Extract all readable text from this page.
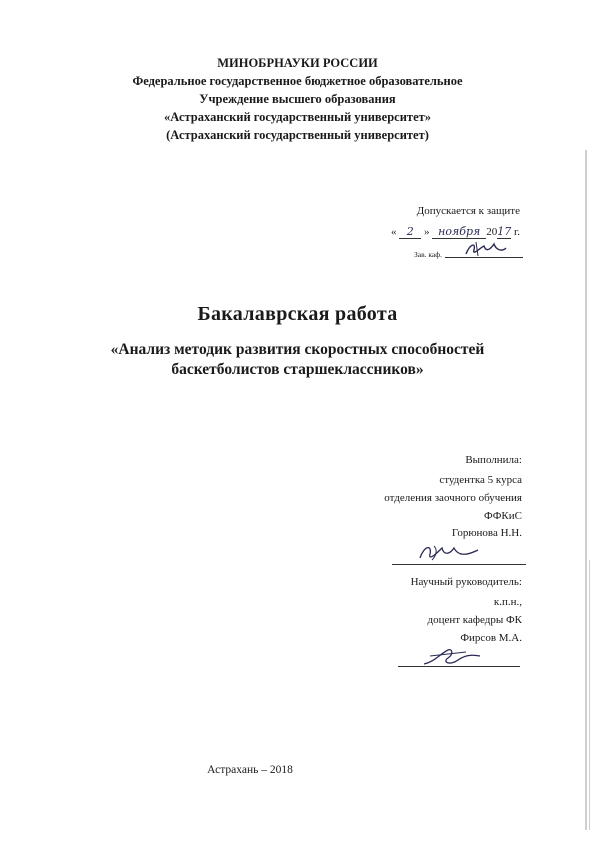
МИНОБРНАУКИ РОССИИ
Федеральное государственное бюджетное образовательное
Учреждение высшего образования
«Астраханский государственный университет»
(Астраханский государственный университет)
Допускается к защите
« 2 » ноября 2017 г.
Зав. каф.
Бакалаврская работа
«Анализ методик развития скоростных способностей
баскетболистов старшеклассников»
Выполнила:
студентка 5 курса
отделения заочного обучения
ФФКиС
Горюнова Н.Н.
Научный руководитель:
к.п.н.,
доцент кафедры ФК
Фирсов М.А.
Астрахань – 2018
